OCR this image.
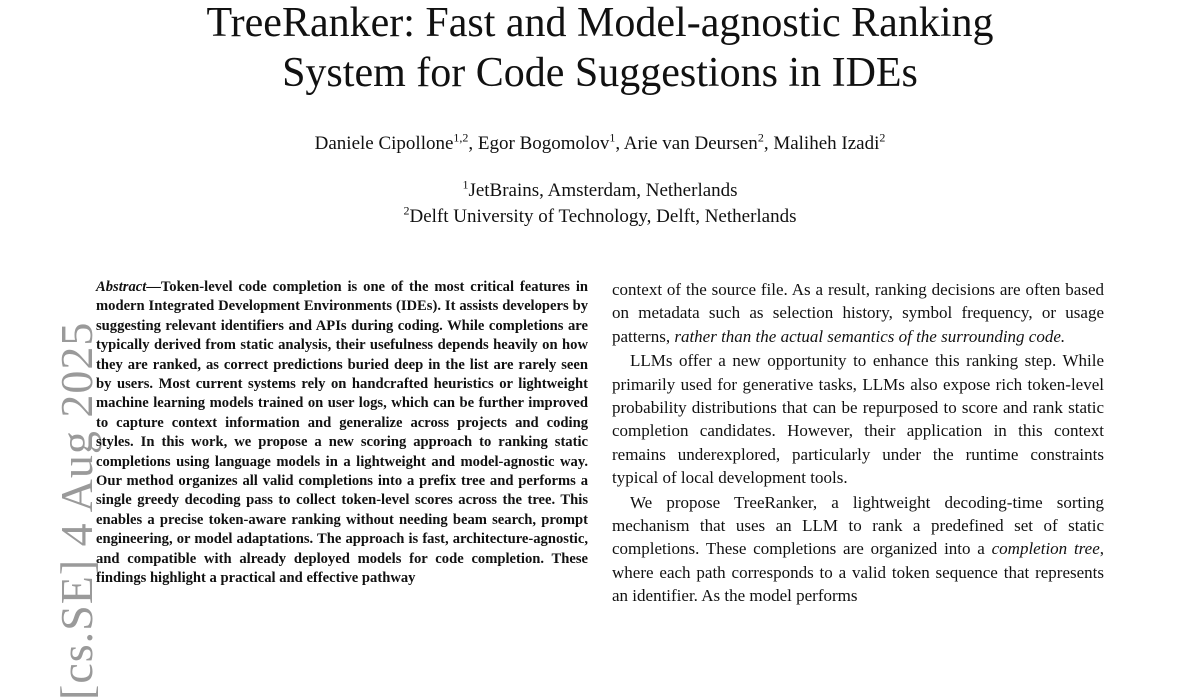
TreeRanker: Fast and Model-agnostic Ranking
System for Code Suggestions in IDEs
Daniele Cipollone$^{1,2}$, Egor Bogomolov$^1$, Arie van Deursen$^2$, Maliheh Izadi$^2$
$^1$JetBrains, Amsterdam, Netherlands
$^2$Delft University of Technology, Delft, Netherlands
[cs.SE] 4 Aug 2025
Abstract—Token-level code completion is one of the most critical features in modern Integrated Development Environments (IDEs). It assists developers by suggesting relevant identifiers and APIs during coding. While completions are typically derived from static analysis, their usefulness depends heavily on how they are ranked, as correct predictions buried deep in the list are rarely seen by users. Most current systems rely on handcrafted heuristics or lightweight machine learning models trained on user logs, which can be further improved to capture context information and generalize across projects and coding styles. In this work, we propose a new scoring approach to ranking static completions using language models in a lightweight and model-agnostic way. Our method organizes all valid completions into a prefix tree and performs a single greedy decoding pass to collect token-level scores across the tree. This enables a precise token-aware ranking without needing beam search, prompt engineering, or model adaptations. The approach is fast, architecture-agnostic, and compatible with already deployed models for code completion. These findings highlight a practical and effective pathway

context of the source file. As a result, ranking decisions are often based on metadata such as selection history, symbol frequency, or usage patterns, rather than the actual semantics of the surrounding code.

LLMs offer a new opportunity to enhance this ranking step. While primarily used for generative tasks, LLMs also expose rich token-level probability distributions that can be repurposed to score and rank static completion candidates. However, their application in this context remains underexplored, particularly under the runtime constraints typical of local development tools.

We propose TreeRanker, a lightweight decoding-time sorting mechanism that uses an LLM to rank a predefined set of static completions. These completions are organized into a completion tree, where each path corresponds to a valid token sequence that represents an identifier. As the model performs
